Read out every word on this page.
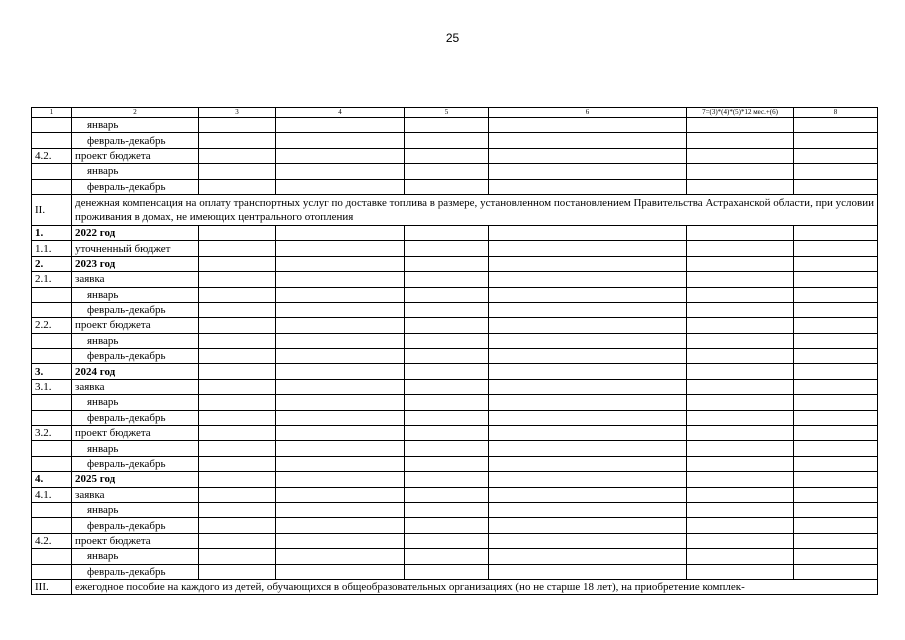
25
1	2	3	4	5	6	7=(3)*(4)*(5)*12 мес.+(6)	8
	январь						
	февраль-декабрь						
4.2.	проект бюджета						
	январь						
	февраль-декабрь						
II.	денежная компенсация на оплату транспортных услуг по доставке топлива в размере, установленном постановлением Правительства Астраханской области, при условии проживания в домах, не имеющих центрального отопления						
1.	2022 год						
1.1.	уточненный бюджет						
2.	2023 год						
2.1.	заявка						
	январь						
	февраль-декабрь						
2.2.	проект бюджета						
	январь						
	февраль-декабрь						
3.	2024 год						
3.1.	заявка						
	январь						
	февраль-декабрь						
3.2.	проект бюджета						
	январь						
	февраль-декабрь						
4.	2025 год						
4.1.	заявка						
	январь						
	февраль-декабрь						
4.2.	проект бюджета						
	январь						
	февраль-декабрь						
III.	ежегодное пособие на каждого из детей, обучающихся в общеобразовательных организациях (но не старше 18 лет), на приобретение комплек-						
